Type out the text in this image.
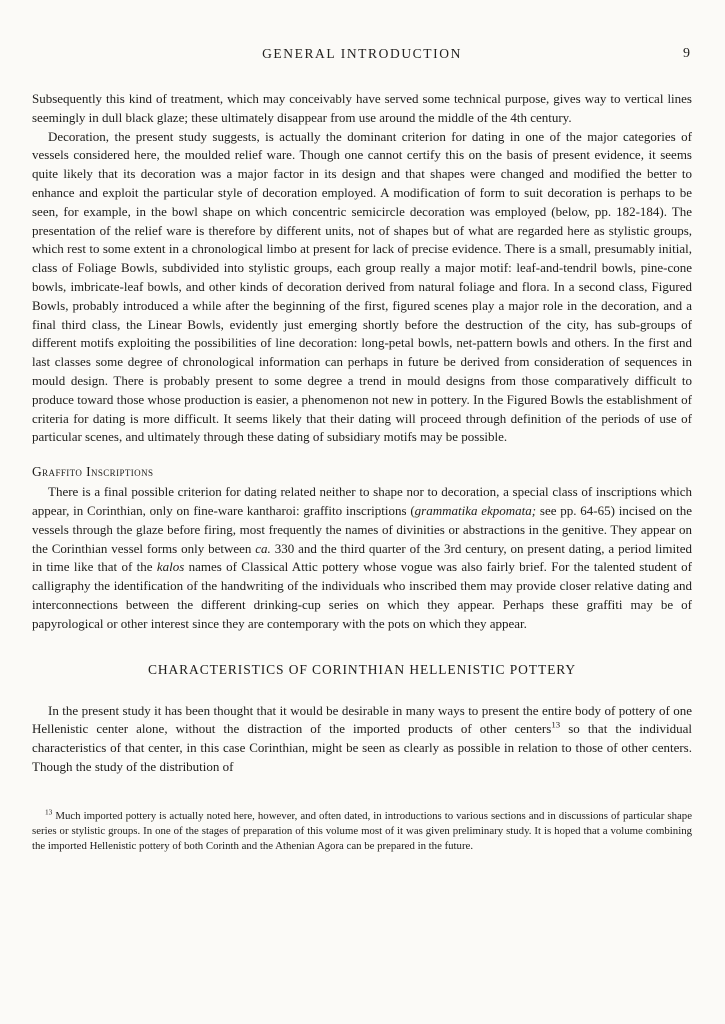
GENERAL INTRODUCTION	9

Subsequently this kind of treatment, which may conceivably have served some technical purpose, gives way to vertical lines seemingly in dull black glaze; these ultimately disappear from use around the middle of the 4th century.

Decoration, the present study suggests, is actually the dominant criterion for dating in one of the major categories of vessels considered here, the moulded relief ware. Though one cannot certify this on the basis of present evidence, it seems quite likely that its decoration was a major factor in its design and that shapes were changed and modified the better to enhance and exploit the particular style of decoration employed. A modification of form to suit decoration is perhaps to be seen, for example, in the bowl shape on which concentric semicircle decoration was employed (below, pp. 182-184). The presentation of the relief ware is therefore by different units, not of shapes but of what are regarded here as stylistic groups, which rest to some extent in a chronological limbo at present for lack of precise evidence. There is a small, presumably initial, class of Foliage Bowls, subdivided into stylistic groups, each group really a major motif: leaf-and-tendril bowls, pine-cone bowls, imbricate-leaf bowls, and other kinds of decoration derived from natural foliage and flora. In a second class, Figured Bowls, probably introduced a while after the beginning of the first, figured scenes play a major role in the decoration, and a final third class, the Linear Bowls, evidently just emerging shortly before the destruction of the city, has sub-groups of different motifs exploiting the possibilities of line decoration: long-petal bowls, net-pattern bowls and others. In the first and last classes some degree of chronological information can perhaps in future be derived from consideration of sequences in mould design. There is probably present to some degree a trend in mould designs from those comparatively difficult to produce toward those whose production is easier, a phenomenon not new in pottery. In the Figured Bowls the establishment of criteria for dating is more difficult. It seems likely that their dating will proceed through definition of the periods of use of particular scenes, and ultimately through these dating of subsidiary motifs may be possible.

Graffito Inscriptions

There is a final possible criterion for dating related neither to shape nor to decoration, a special class of inscriptions which appear, in Corinthian, only on fine-ware kantharoi: graffito inscriptions (grammatika ekpomata; see pp. 64-65) incised on the vessels through the glaze before firing, most frequently the names of divinities or abstractions in the genitive. They appear on the Corinthian vessel forms only between ca. 330 and the third quarter of the 3rd century, on present dating, a period limited in time like that of the kalos names of Classical Attic pottery whose vogue was also fairly brief. For the talented student of calligraphy the identification of the handwriting of the individuals who inscribed them may provide closer relative dating and interconnections between the different drinking-cup series on which they appear. Perhaps these graffiti may be of papyrological or other interest since they are contemporary with the pots on which they appear.

CHARACTERISTICS OF CORINTHIAN HELLENISTIC POTTERY

In the present study it has been thought that it would be desirable in many ways to present the entire body of pottery of one Hellenistic center alone, without the distraction of the imported products of other centers$^{13}$ so that the individual characteristics of that center, in this case Corinthian, might be seen as clearly as possible in relation to those of other centers. Though the study of the distribution of

$^{13}$ Much imported pottery is actually noted here, however, and often dated, in introductions to various sections and in discussions of particular shape series or stylistic groups. In one of the stages of preparation of this volume most of it was given preliminary study. It is hoped that a volume combining the imported Hellenistic pottery of both Corinth and the Athenian Agora can be prepared in the future.
